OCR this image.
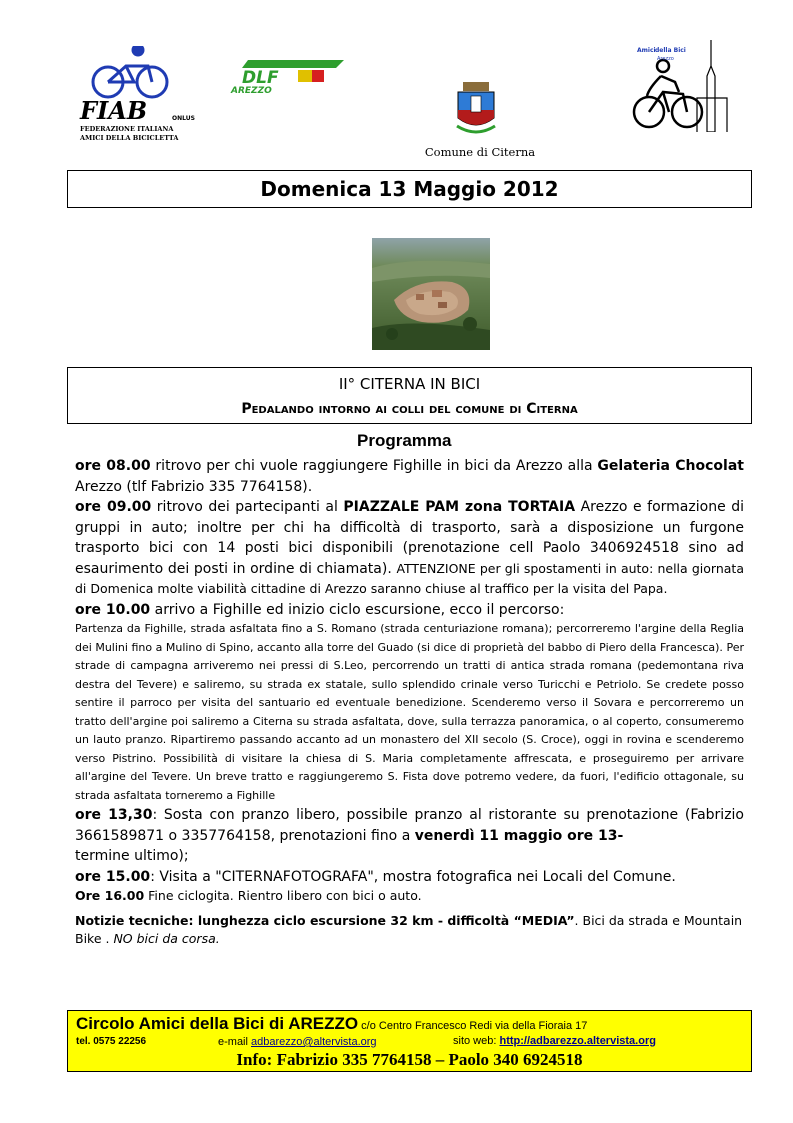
FIAB	ONLUS
FEDERAZIONE ITALIANA
AMICI DELLA BICICLETTA
DLF
AREZZO
Comune di Citerna
Amici della Bici
Arezzo
Domenica 13 Maggio 2012
II° CITERNA IN BICI
Pedalando intorno ai colli del comune di Citerna
Programma

ore 08.00 ritrovo per chi vuole raggiungere Fighille in bici da Arezzo alla Gelateria Chocolat Arezzo (tlf Fabrizio 335 7764158).

ore 09.00 ritrovo dei partecipanti al PIAZZALE PAM zona TORTAIA Arezzo e formazione di gruppi in auto; inoltre per chi ha difficoltà di trasporto, sarà a disposizione un furgone trasporto bici con 14 posti bici disponibili (prenotazione cell Paolo 3406924518 sino ad esaurimento dei posti in ordine di chiamata). ATTENZIONE per gli spostamenti in auto: nella giornata di Domenica molte viabilità cittadine di Arezzo saranno chiuse al traffico per la visita del Papa.

ore 10.00 arrivo a Fighille ed inizio ciclo escursione, ecco il percorso:

Partenza da Fighille, strada asfaltata fino a S. Romano (strada centuriazione romana); percorreremo l'argine della Reglia dei Mulini fino a Mulino di Spino, accanto alla torre del Guado (si dice di proprietà del babbo di Piero della Francesca). Per strade di campagna arriveremo nei pressi di S.Leo, percorrendo un tratti di antica strada romana (pedemontana riva destra del Tevere) e saliremo, su strada ex statale, sullo splendido crinale verso Turicchi e Petriolo. Se credete posso sentire il parroco per visita del santuario ed eventuale benedizione. Scenderemo verso il Sovara e percorreremo un tratto dell'argine poi saliremo a Citerna su strada asfaltata, dove, sulla terrazza panoramica, o al coperto, consumeremo un lauto pranzo. Ripartiremo passando accanto ad un monastero del XII secolo (S. Croce), oggi in rovina e scenderemo verso Pistrino. Possibilità di visitare la chiesa di S. Maria completamente affrescata, e proseguiremo per arrivare all'argine del Tevere. Un breve tratto e raggiungeremo S. Fista dove potremo vedere, da fuori, l'edificio ottagonale, su strada asfaltata torneremo a Fighille

ore 13,30: Sosta con pranzo libero, possibile pranzo al ristorante su prenotazione (Fabrizio 3661589871 o 3357764158, prenotazioni fino a venerdì 11 maggio ore 13-
termine ultimo);

ore 15.00: Visita a "CITERNAFOTOGRAFA", mostra fotografica nei Locali del Comune.

Ore 16.00 Fine ciclogita. Rientro libero con bici o auto.

Notizie tecniche: lunghezza ciclo escursione 32 km - difficoltà “MEDIA”. Bici da strada e Mountain Bike . NO bici da corsa.

Circolo Amici della Bici di AREZZO c/o Centro Francesco Redi via della Fioraia 17
tel. 0575 22256	e-mail adbarezzo@altervista.org	sito web: http://adbarezzo.altervista.org
Info: Fabrizio 335 7764158 – Paolo 340 6924518
